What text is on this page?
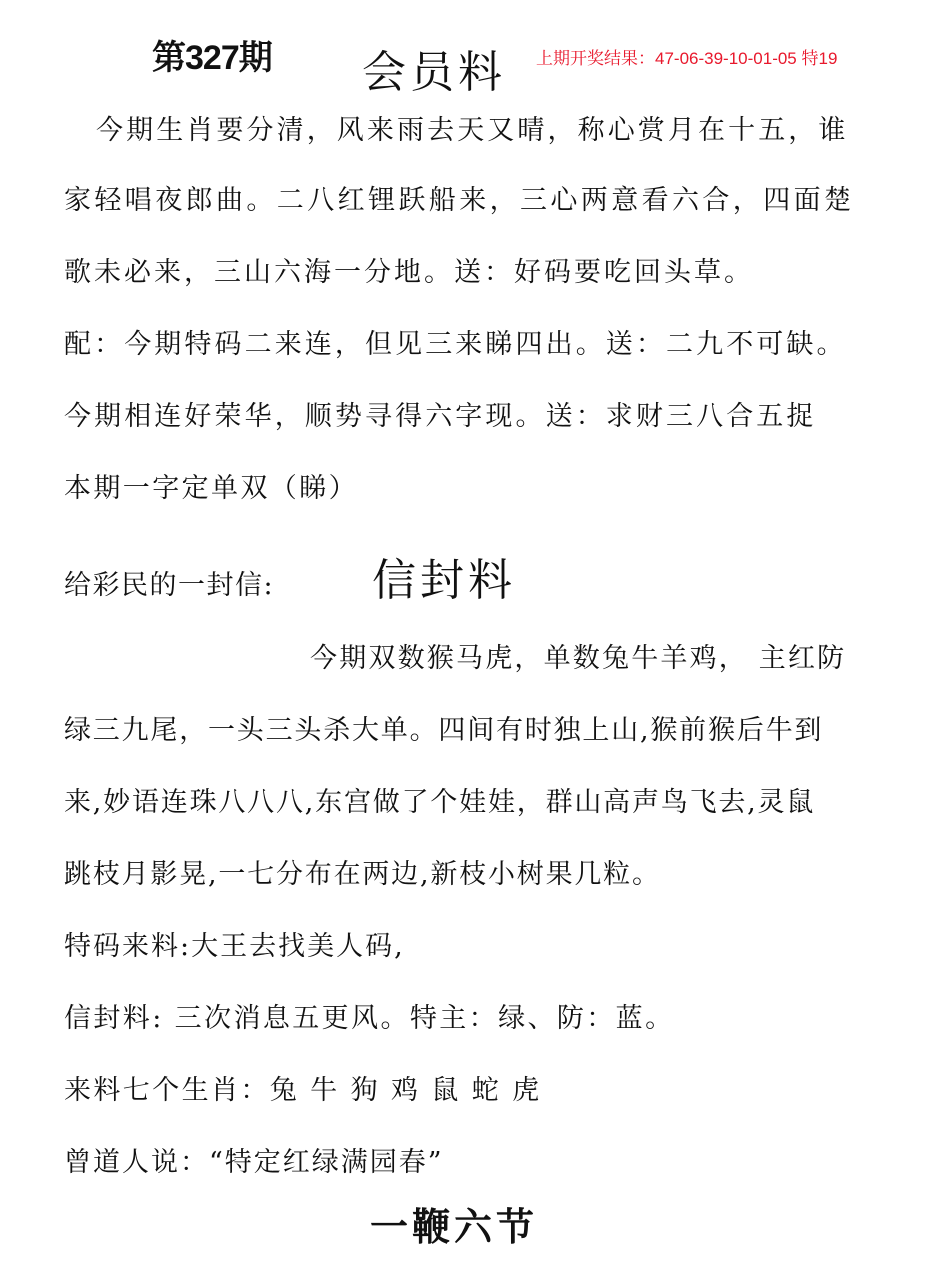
第327期 会员料 上期开奖结果：47-06-39-10-01-05 特19
今期生肖要分清，风来雨去天又晴，称心赏月在十五，谁
家轻唱夜郎曲。二八红锂跃船来，三心两意看六合，四面楚
歌未必来，三山六海一分地。送：好码要吃回头草。
配：今期特码二来连，但见三来睇四出。送：二九不可缺。
今期相连好荣华，顺势寻得六字现。送：求财三八合五捉
本期一字定单双（睇）
给彩民的一封信: 信封料
今期双数猴马虎，单数兔牛羊鸡， 主红防
绿三九尾，一头三头杀大单。四间有时独上山,猴前猴后牛到
来,妙语连珠八八八,东宫做了个娃娃，群山高声鸟飞去,灵鼠
跳枝月影晃,一七分布在两边,新枝小树果几粒。
特码来料:大王去找美人码,
信封料: 三次消息五更风。特主：绿、防：蓝。
来料七个生肖：兔 牛 狗 鸡 鼠 蛇 虎
曾道人说：“特定红绿满园春”
一鞭六节
